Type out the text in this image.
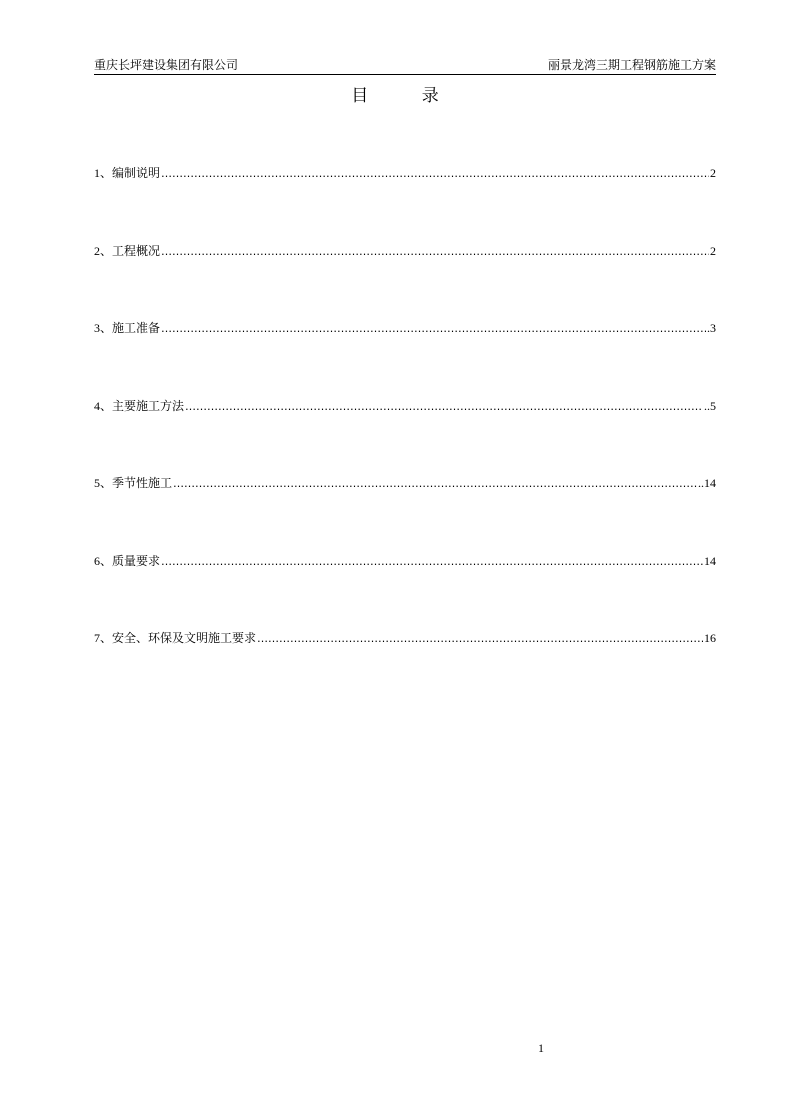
重庆长坪建设集团有限公司	丽景龙湾三期工程钢筋施工方案
目 录
1、 编制说明 ……………………………………………………………………………………………………………………………………………………………………………………………………………………………………	2
2、 工程概况 ……………………………………………………………………………………………………………………………………………………………………………………………………………………………………	2
3、 施工准备 ……………………………………………………………………………………………………………………………………………………………………………………………………………………………………	.3
4、 主要施工方法 ……………………………………………………………………………………………………………………………………………………………………………………………………………………………………	..5
5、 季节性施工 ……………………………………………………………………………………………………………………………………………………………………………………………………………………………………	..14
6、 质量要求 ……………………………………………………………………………………………………………………………………………………………………………………………………………………………………	14
7、 安全、环保及文明施工要求 ……………………………………………………………………………………………………………………………………………………………………………………………………………………………………	16
1
